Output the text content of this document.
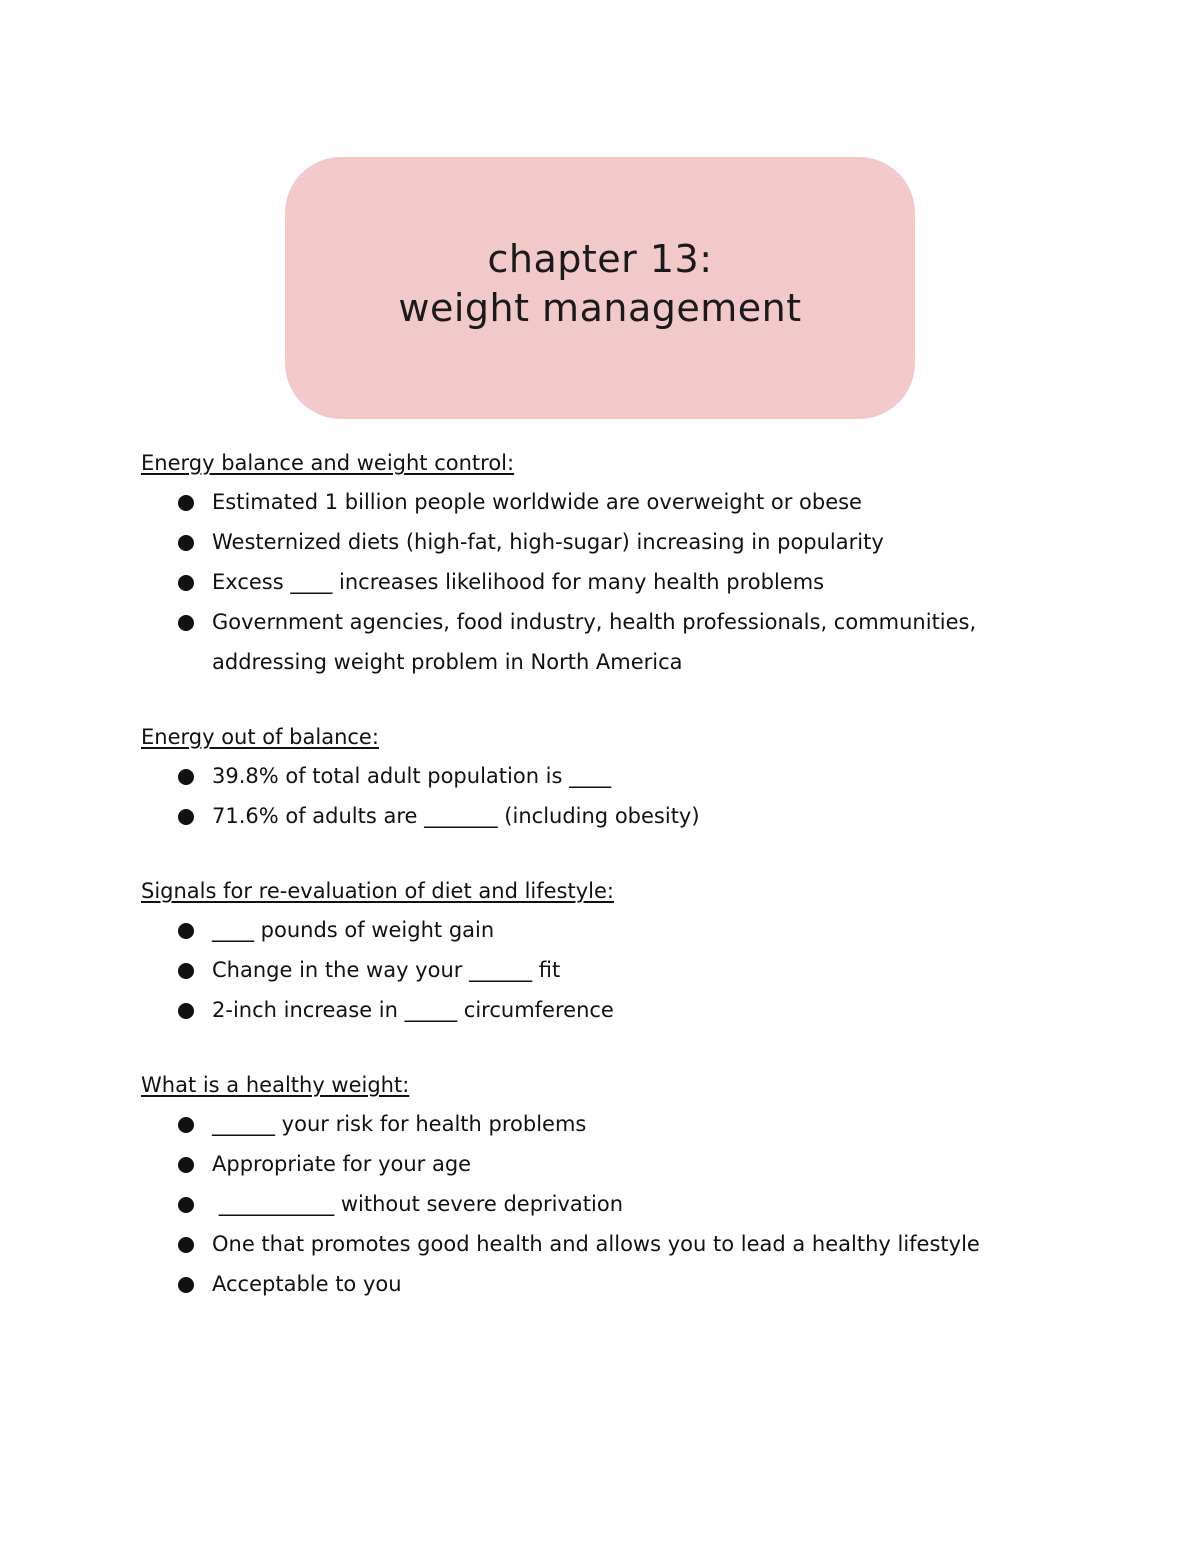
chapter 13:
weight management
Energy balance and weight control:
Estimated 1 billion people worldwide are overweight or obese
Westernized diets (high-fat, high-sugar) increasing in popularity
Excess ____ increases likelihood for many health problems
Government agencies, food industry, health professionals, communities, addressing weight problem in North America
Energy out of balance:
39.8% of total adult population is ____
71.6% of adults are _______ (including obesity)
Signals for re-evaluation of diet and lifestyle:
____ pounds of weight gain
Change in the way your ______ fit
2-inch increase in _____ circumference
What is a healthy weight:
______ your risk for health problems
Appropriate for your age
___________ without severe deprivation
One that promotes good health and allows you to lead a healthy lifestyle
Acceptable to you
